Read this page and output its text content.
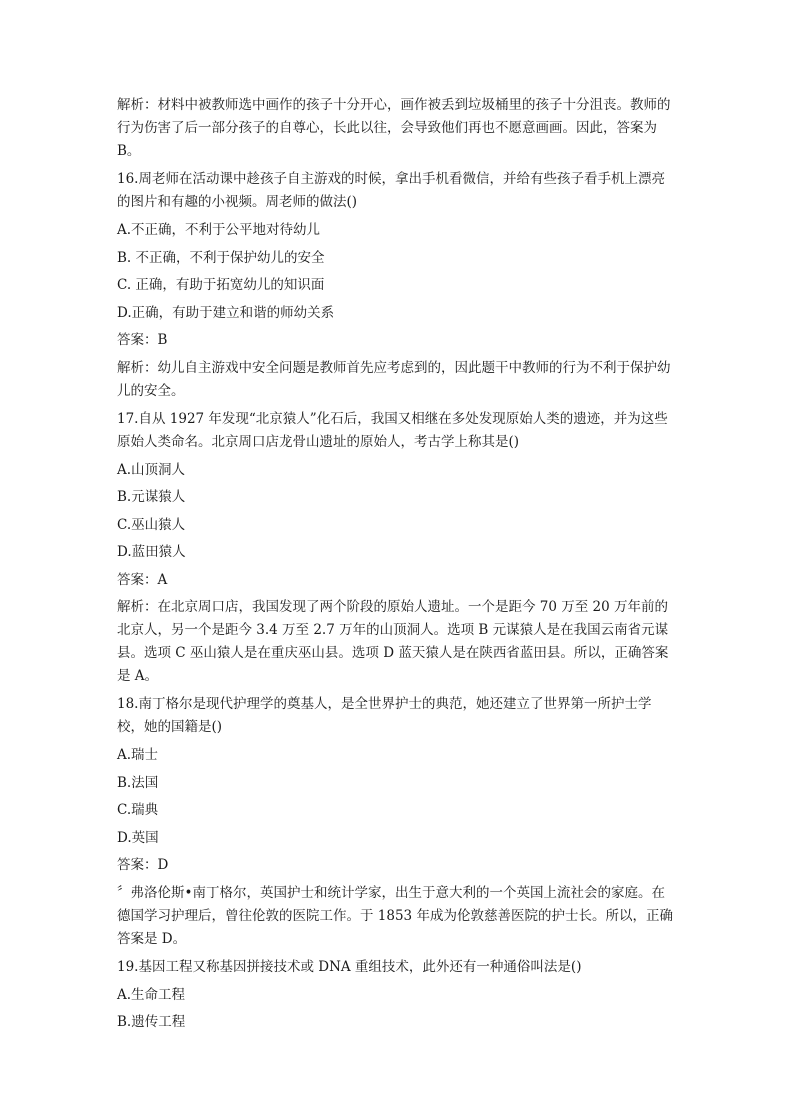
解析：材料中被教师选中画作的孩子十分开心，画作被丢到垃圾桶里的孩子十分沮丧。教师的行为伤害了后一部分孩子的自尊心，长此以往，会导致他们再也不愿意画画。因此，答案为 B。

16.周老师在活动课中趁孩子自主游戏的时候，拿出手机看微信，并给有些孩子看手机上漂亮的图片和有趣的小视频。周老师的做法()

A.不正确，不利于公平地对待幼儿

B. 不正确，不利于保护幼儿的安全

C. 正确，有助于拓宽幼儿的知识面

D.正确，有助于建立和谐的师幼关系

答案：B

解析：幼儿自主游戏中安全问题是教师首先应考虑到的，因此题干中教师的行为不利于保护幼儿的安全。

17.自从 1927 年发现“北京猿人”化石后，我国又相继在多处发现原始人类的遗迹，并为这些原始人类命名。北京周口店龙骨山遗址的原始人，考古学上称其是()

A.山顶洞人

B.元谋猿人

C.巫山猿人

D.蓝田猿人

答案：A

解析：在北京周口店，我国发现了两个阶段的原始人遗址。一个是距今 70 万至 20 万年前的北京人，另一个是距今 3.4 万至 2.7 万年的山顶洞人。选项 B 元谋猿人是在我国云南省元谋县。选项 C 巫山猿人是在重庆巫山县。选项 D 蓝天猿人是在陕西省蓝田县。所以，正确答案是 A。

18.南丁格尔是现代护理学的奠基人，是全世界护士的典范，她还建立了世界第一所护士学校，她的国籍是()

A.瑞士

B.法国

C.瑞典

D.英国

答案：D

〞弗洛伦斯•南丁格尔，英国护士和统计学家，出生于意大利的一个英国上流社会的家庭。在德国学习护理后，曾往伦敦的医院工作。于 1853 年成为伦敦慈善医院的护士长。所以，正确答案是 D。

19.基因工程又称基因拼接技术或 DNA 重组技术，此外还有一种通俗叫法是()

A.生命工程

B.遗传工程
